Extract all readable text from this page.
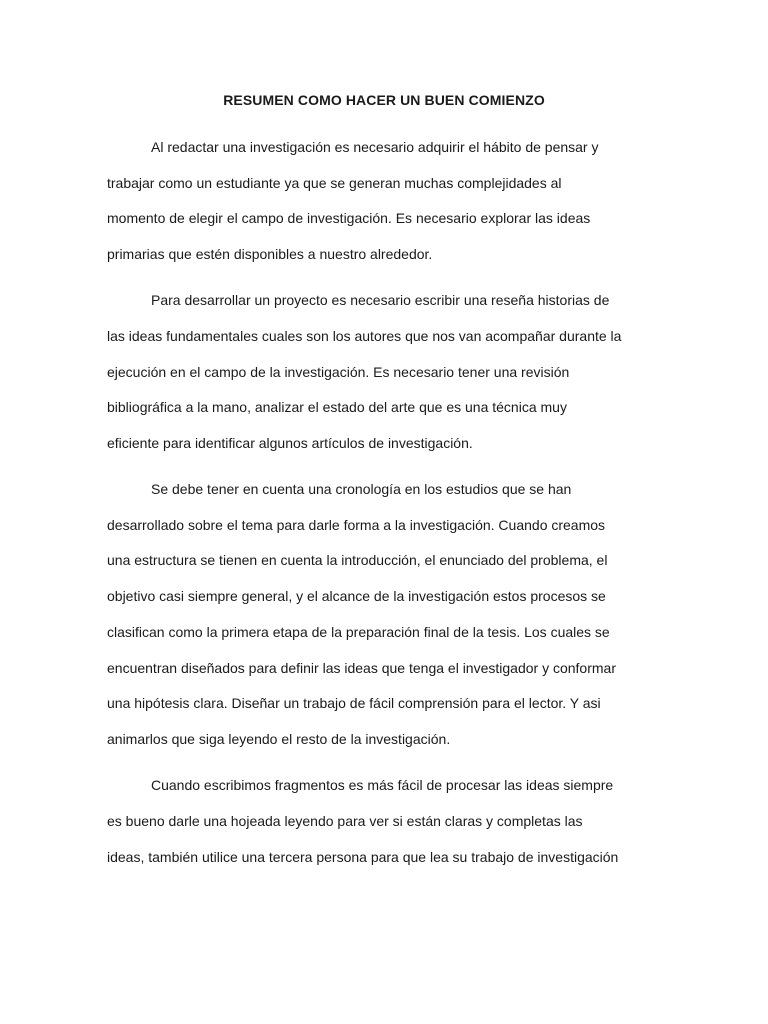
RESUMEN COMO HACER UN BUEN COMIENZO
Al redactar una investigación es necesario adquirir el hábito de pensar y
trabajar como un estudiante ya que se generan muchas complejidades al
momento de elegir el campo de investigación. Es necesario explorar las ideas
primarias que estén disponibles a nuestro alrededor.
Para desarrollar un proyecto es necesario escribir una reseña historias de
las ideas fundamentales cuales son los autores que nos van acompañar durante la
ejecución en el campo de la investigación. Es necesario tener una revisión
bibliográfica a la mano, analizar el estado del arte que es una técnica muy
eficiente para identificar algunos artículos de investigación.
Se debe tener en cuenta una cronología en los estudios que se han
desarrollado sobre el tema para darle forma a la investigación. Cuando creamos
una estructura se tienen en cuenta la introducción, el enunciado del problema, el
objetivo casi siempre general, y el alcance de la investigación estos procesos se
clasifican como la primera etapa de la preparación final de la tesis. Los cuales se
encuentran diseñados para definir las ideas que tenga el investigador y conformar
una hipótesis clara. Diseñar un trabajo de fácil comprensión para el lector. Y asi
animarlos que siga leyendo el resto de la investigación.
Cuando escribimos fragmentos es más fácil de procesar las ideas siempre
es bueno darle una hojeada leyendo para ver si están claras y completas las
ideas, también utilice una tercera persona para que lea su trabajo de investigación
